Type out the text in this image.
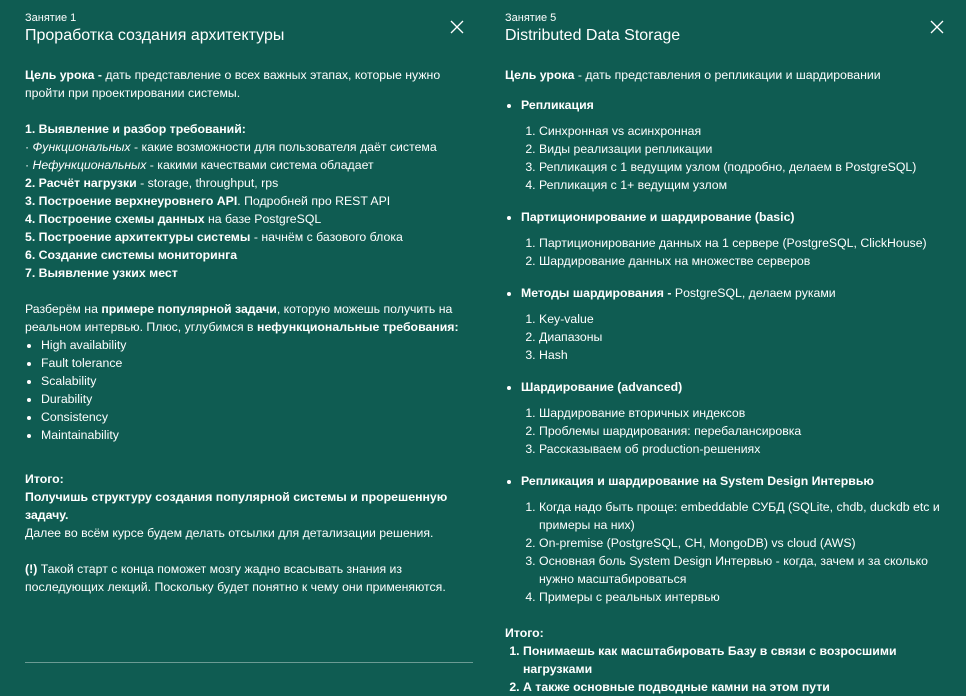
Занятие 1
Проработка создания архитектуры

Цель урока - дать представление о всех важных этапах, которые нужно пройти при проектировании системы.

1. Выявление и разбор требований:

· Функциональных - какие возможности для пользователя даёт система

· Нефункциональных - какими качествами система обладает

2. Расчёт нагрузки - storage, throughput, rps

3. Построение верхнеуровнего API. Подробней про REST API

4. Построение схемы данных на базе PostgreSQL

5. Построение архитектуры системы - начнём с базового блока

6. Создание системы мониторинга

7. Выявление узких мест

Разберём на примере популярной задачи, которую можешь получить на реальном интервью. Плюс, углубимся в нефункциональные требования:

• High availability
• Fault tolerance
• Scalability
• Durability
• Consistency
• Maintainability

Итого:

Получишь структуру создания популярной системы и прорешенную задачу.

Далее во всём курсе будем делать отсылки для детализации решения.

(!) Такой старт с конца поможет мозгу жадно всасывать знания из последующих лекций. Поскольку будет понятно к чему они применяются.

Занятие 5
Distributed Data Storage

Цель урока - дать представления о репликации и шардировании

• Репликация
1. Синхронная vs асинхронная
2. Виды реализации репликации
3. Репликация с 1 ведущим узлом (подробно, делаем в PostgreSQL)
4. Репликация с 1+ ведущим узлом
• Партиционирование и шардирование (basic)
1. Партиционирование данных на 1 сервере (PostgreSQL, ClickHouse)
2. Шардирование данных на множестве серверов
• Методы шардирования - PostgreSQL, делаем руками
1. Key-value
2. Диапазоны
3. Hash
• Шардирование (advanced)
1. Шардирование вторичных индексов
2. Проблемы шардирования: перебалансировка
3. Рассказываем об production-решениях
• Репликация и шардирование на System Design Интервью
1. Когда надо быть проще: embeddable СУБД (SQLite, chdb, duckdb etc и примеры на них)
2. On-premise (PostgreSQL, CH, MongoDB) vs cloud (AWS)
3. Основная боль System Design Интервью - когда, зачем и за сколько нужно масштабироваться
4. Примеры с реальных интервью

Итого:

1. Понимаешь как масштабировать Базу в связи с возросшими нагрузками
2. А также основные подводные камни на этом пути
